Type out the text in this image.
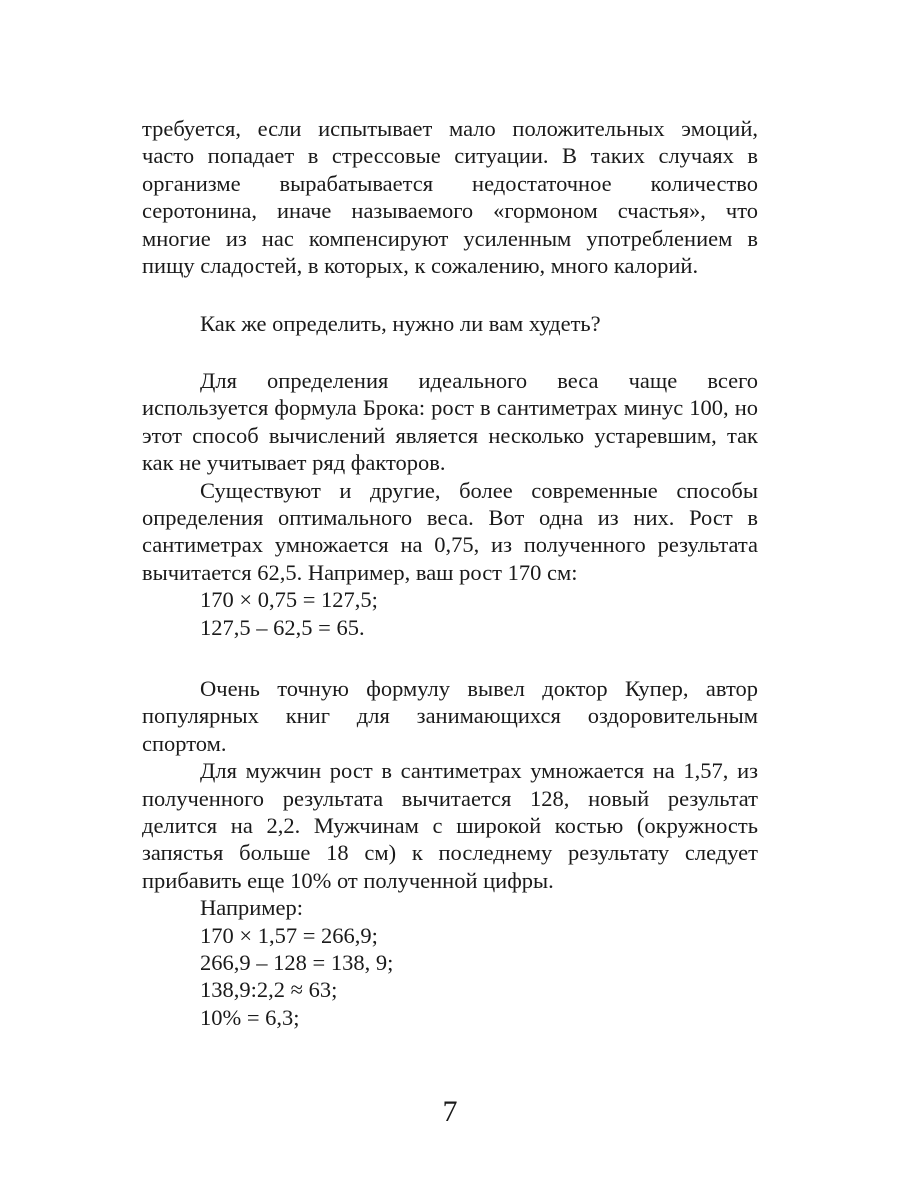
требуется, если испытывает мало положительных эмоций, часто попадает в стрессовые ситуации. В таких случаях в организме вырабатывается недостаточное количество серотонина, иначе называемого «гормоном счастья», что многие из нас компенсируют усиленным употреблением в пищу сладостей, в которых, к сожалению, много калорий.

Как же определить, нужно ли вам худеть?

Для определения идеального веса чаще всего используется формула Брока: рост в сантиметрах минус 100, но этот способ вычислений является несколько устаревшим, так как не учитывает ряд факторов.

Существуют и другие, более современные способы определения оптимального веса. Вот одна из них. Рост в сантиметрах умножается на 0,75, из полученного результата вычитается 62,5. Например, ваш рост 170 см:

170 × 0,75 = 127,5;
127,5 – 62,5 = 65.

Очень точную формулу вывел доктор Купер, автор популярных книг для занимающихся оздоровительным спортом.

Для мужчин рост в сантиметрах умножается на 1,57, из полученного результата вычитается 128, новый результат делится на 2,2. Мужчинам с широкой костью (окружность запястья больше 18 см) к последнему результату следует прибавить еще 10% от полученной цифры.

Например:
170 × 1,57 = 266,9;
266,9 – 128 = 138, 9;
138,9:2,2 ≈ 63;
10% = 6,3;
7
